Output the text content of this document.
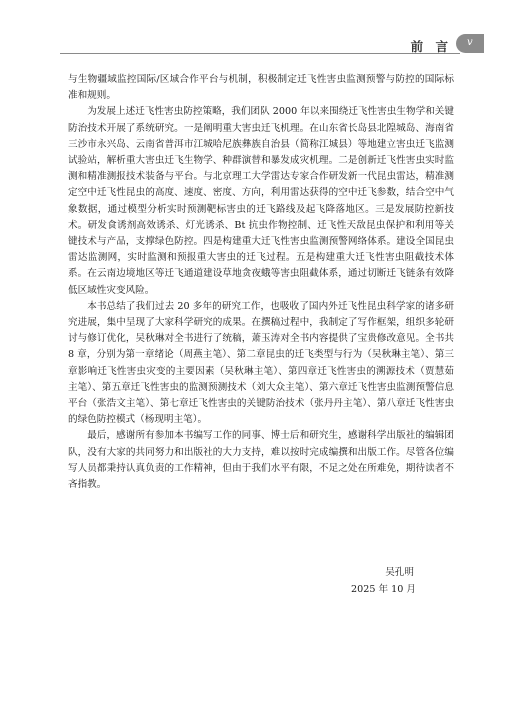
前 言 v

与生物疆域监控国际/区域合作平台与机制，积极制定迁飞性害虫监测预警与防控的国际标准和规则。

为发展上述迁飞性害虫防控策略，我们团队 2000 年以来围绕迁飞性害虫生物学和关键防治技术开展了系统研究。一是阐明重大害虫迁飞机理。在山东省长岛县北隍城岛、海南省三沙市永兴岛、云南省普洱市江城哈尼族彝族自治县（简称江城县）等地建立害虫迁飞监测试验站，解析重大害虫迁飞生物学、种群演替和暴发成灾机理。二是创新迁飞性害虫实时监测和精准测报技术装备与平台。与北京理工大学雷达专家合作研发新一代昆虫雷达，精准测定空中迁飞性昆虫的高度、速度、密度、方向，利用雷达获得的空中迁飞参数，结合空中气象数据，通过模型分析实时预测靶标害虫的迁飞路线及起飞降落地区。三是发展防控新技术。研发食诱剂高效诱杀、灯光诱杀、Bt 抗虫作物控制、迁飞性天敌昆虫保护和利用等关键技术与产品，支撑绿色防控。四是构建重大迁飞性害虫监测预警网络体系。建设全国昆虫雷达监测网，实时监测和预报重大害虫的迁飞过程。五是构建重大迁飞性害虫阻截技术体系。在云南边境地区等迁飞通道建设草地贪夜蛾等害虫阻截体系，通过切断迁飞链条有效降低区域性灾变风险。

本书总结了我们过去 20 多年的研究工作，也吸收了国内外迁飞性昆虫科学家的诸多研究进展，集中呈现了大家科学研究的成果。在撰稿过程中，我制定了写作框架，组织多轮研讨与修订优化，吴秋琳对全书进行了统稿，萧玉涛对全书内容提供了宝贵修改意见。全书共 8 章，分别为第一章绪论（周燕主笔）、第二章昆虫的迁飞类型与行为（吴秋琳主笔）、第三章影响迁飞性害虫灾变的主要因素（吴秋琳主笔）、第四章迁飞性害虫的溯源技术（贾慧茹主笔）、第五章迁飞性害虫的监测预测技术（刘大众主笔）、第六章迁飞性害虫监测预警信息平台（张浩文主笔）、第七章迁飞性害虫的关键防治技术（张丹丹主笔）、第八章迁飞性害虫的绿色防控模式（杨现明主笔）。

最后，感谢所有参加本书编写工作的同事、博士后和研究生，感谢科学出版社的编辑团队，没有大家的共同努力和出版社的大力支持，难以按时完成编撰和出版工作。尽管各位编写人员都秉持认真负责的工作精神，但由于我们水平有限，不足之处在所难免，期待读者不吝指教。

吴孔明
2025 年 10 月
